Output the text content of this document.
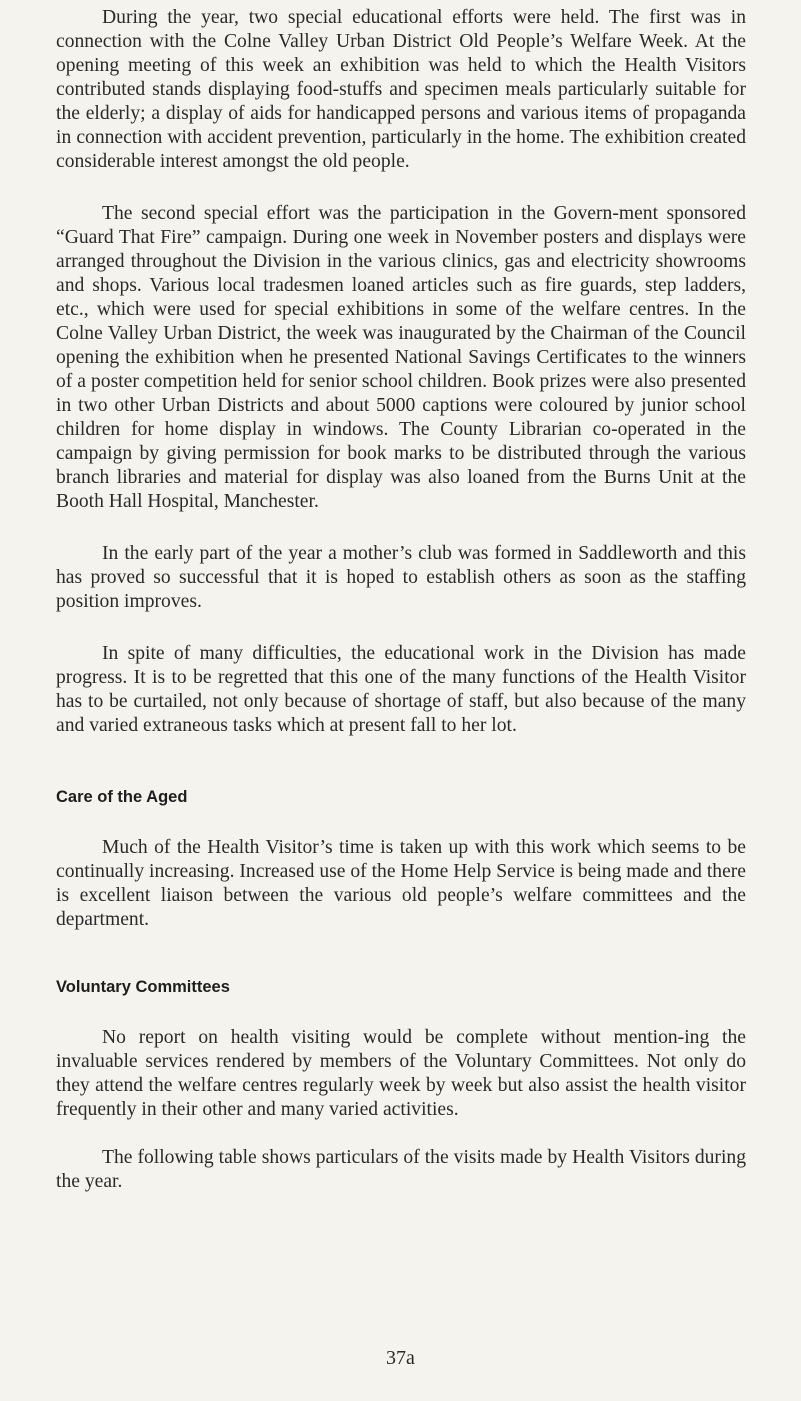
During the year, two special educational efforts were held. The first was in connection with the Colne Valley Urban District Old People’s Welfare Week. At the opening meeting of this week an exhibition was held to which the Health Visitors contributed stands displaying food-stuffs and specimen meals particularly suitable for the elderly; a display of aids for handicapped persons and various items of propaganda in connection with accident prevention, particularly in the home. The exhibition created considerable interest amongst the old people.

The second special effort was the participation in the Govern-ment sponsored “Guard That Fire” campaign. During one week in November posters and displays were arranged throughout the Division in the various clinics, gas and electricity showrooms and shops. Various local tradesmen loaned articles such as fire guards, step ladders, etc., which were used for special exhibitions in some of the welfare centres. In the Colne Valley Urban District, the week was inaugurated by the Chairman of the Council opening the exhibition when he presented National Savings Certificates to the winners of a poster competition held for senior school children. Book prizes were also presented in two other Urban Districts and about 5000 captions were coloured by junior school children for home display in windows. The County Librarian co-operated in the campaign by giving permission for book marks to be distributed through the various branch libraries and material for display was also loaned from the Burns Unit at the Booth Hall Hospital, Manchester.

In the early part of the year a mother’s club was formed in Saddleworth and this has proved so successful that it is hoped to establish others as soon as the staffing position improves.

In spite of many difficulties, the educational work in the Division has made progress. It is to be regretted that this one of the many functions of the Health Visitor has to be curtailed, not only because of shortage of staff, but also because of the many and varied extraneous tasks which at present fall to her lot.

Care of the Aged

Much of the Health Visitor’s time is taken up with this work which seems to be continually increasing. Increased use of the Home Help Service is being made and there is excellent liaison between the various old people’s welfare committees and the department.

Voluntary Committees

No report on health visiting would be complete without mention-ing the invaluable services rendered by members of the Voluntary Committees. Not only do they attend the welfare centres regularly week by week but also assist the health visitor frequently in their other and many varied activities.

The following table shows particulars of the visits made by Health Visitors during the year.

37a
